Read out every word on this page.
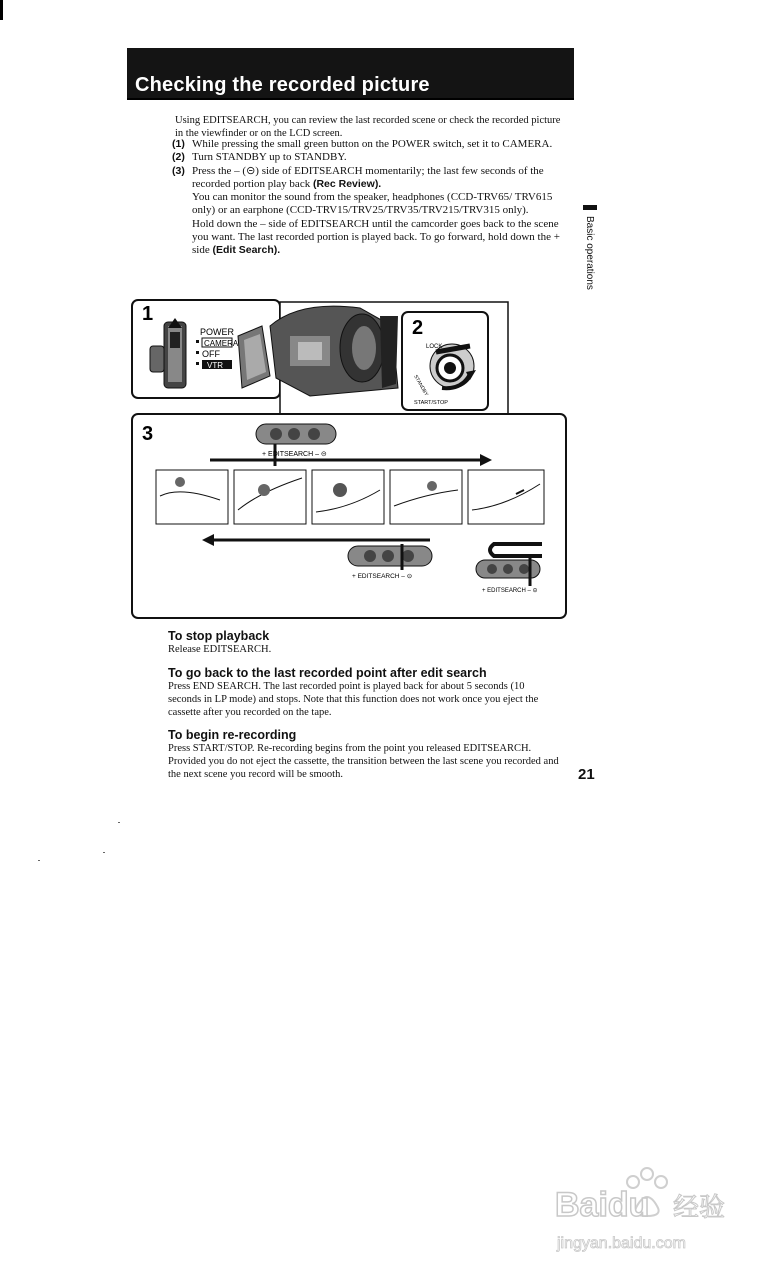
Checking the recorded picture
Using EDITSEARCH, you can review the last recorded scene or check the recorded picture in the viewfinder or on the LCD screen.
(1) While pressing the small green button on the POWER switch, set it to CAMERA.
(2) Turn STANDBY up to STANDBY.
(3) Press the – (⊝) side of EDITSEARCH momentarily; the last few seconds of the recorded portion play back (Rec Review).

You can monitor the sound from the speaker, headphones (CCD-TRV65/ TRV615 only) or an earphone (CCD-TRV15/TRV25/TRV35/TRV215/TRV315 only).

Hold down the – side of EDITSEARCH until the camcorder goes back to the scene you want. The last recorded portion is played back. To go forward, hold down the + side (Edit Search).	Basic operations
1
POWER
CAMERA
OFF
VTR
2
LOCK
STANDBY
START/STOP
3
+ EDITSEARCH – ⊝
+ EDITSEARCH – ⊝
+ EDITSEARCH – ⊝
To stop playback
Release EDITSEARCH.
To go back to the last recorded point after edit search
Press END SEARCH. The last recorded point is played back for about 5 seconds (10 seconds in LP mode) and stops. Note that this function does not work once you eject the cassette after you recorded on the tape.
To begin re-recording
Press START/STOP. Re-recording begins from the point you released EDITSEARCH. Provided you do not eject the cassette, the transition between the last scene you recorded and the next scene you record will be smooth.	21
Baidu 经验
jingyan.baidu.com
